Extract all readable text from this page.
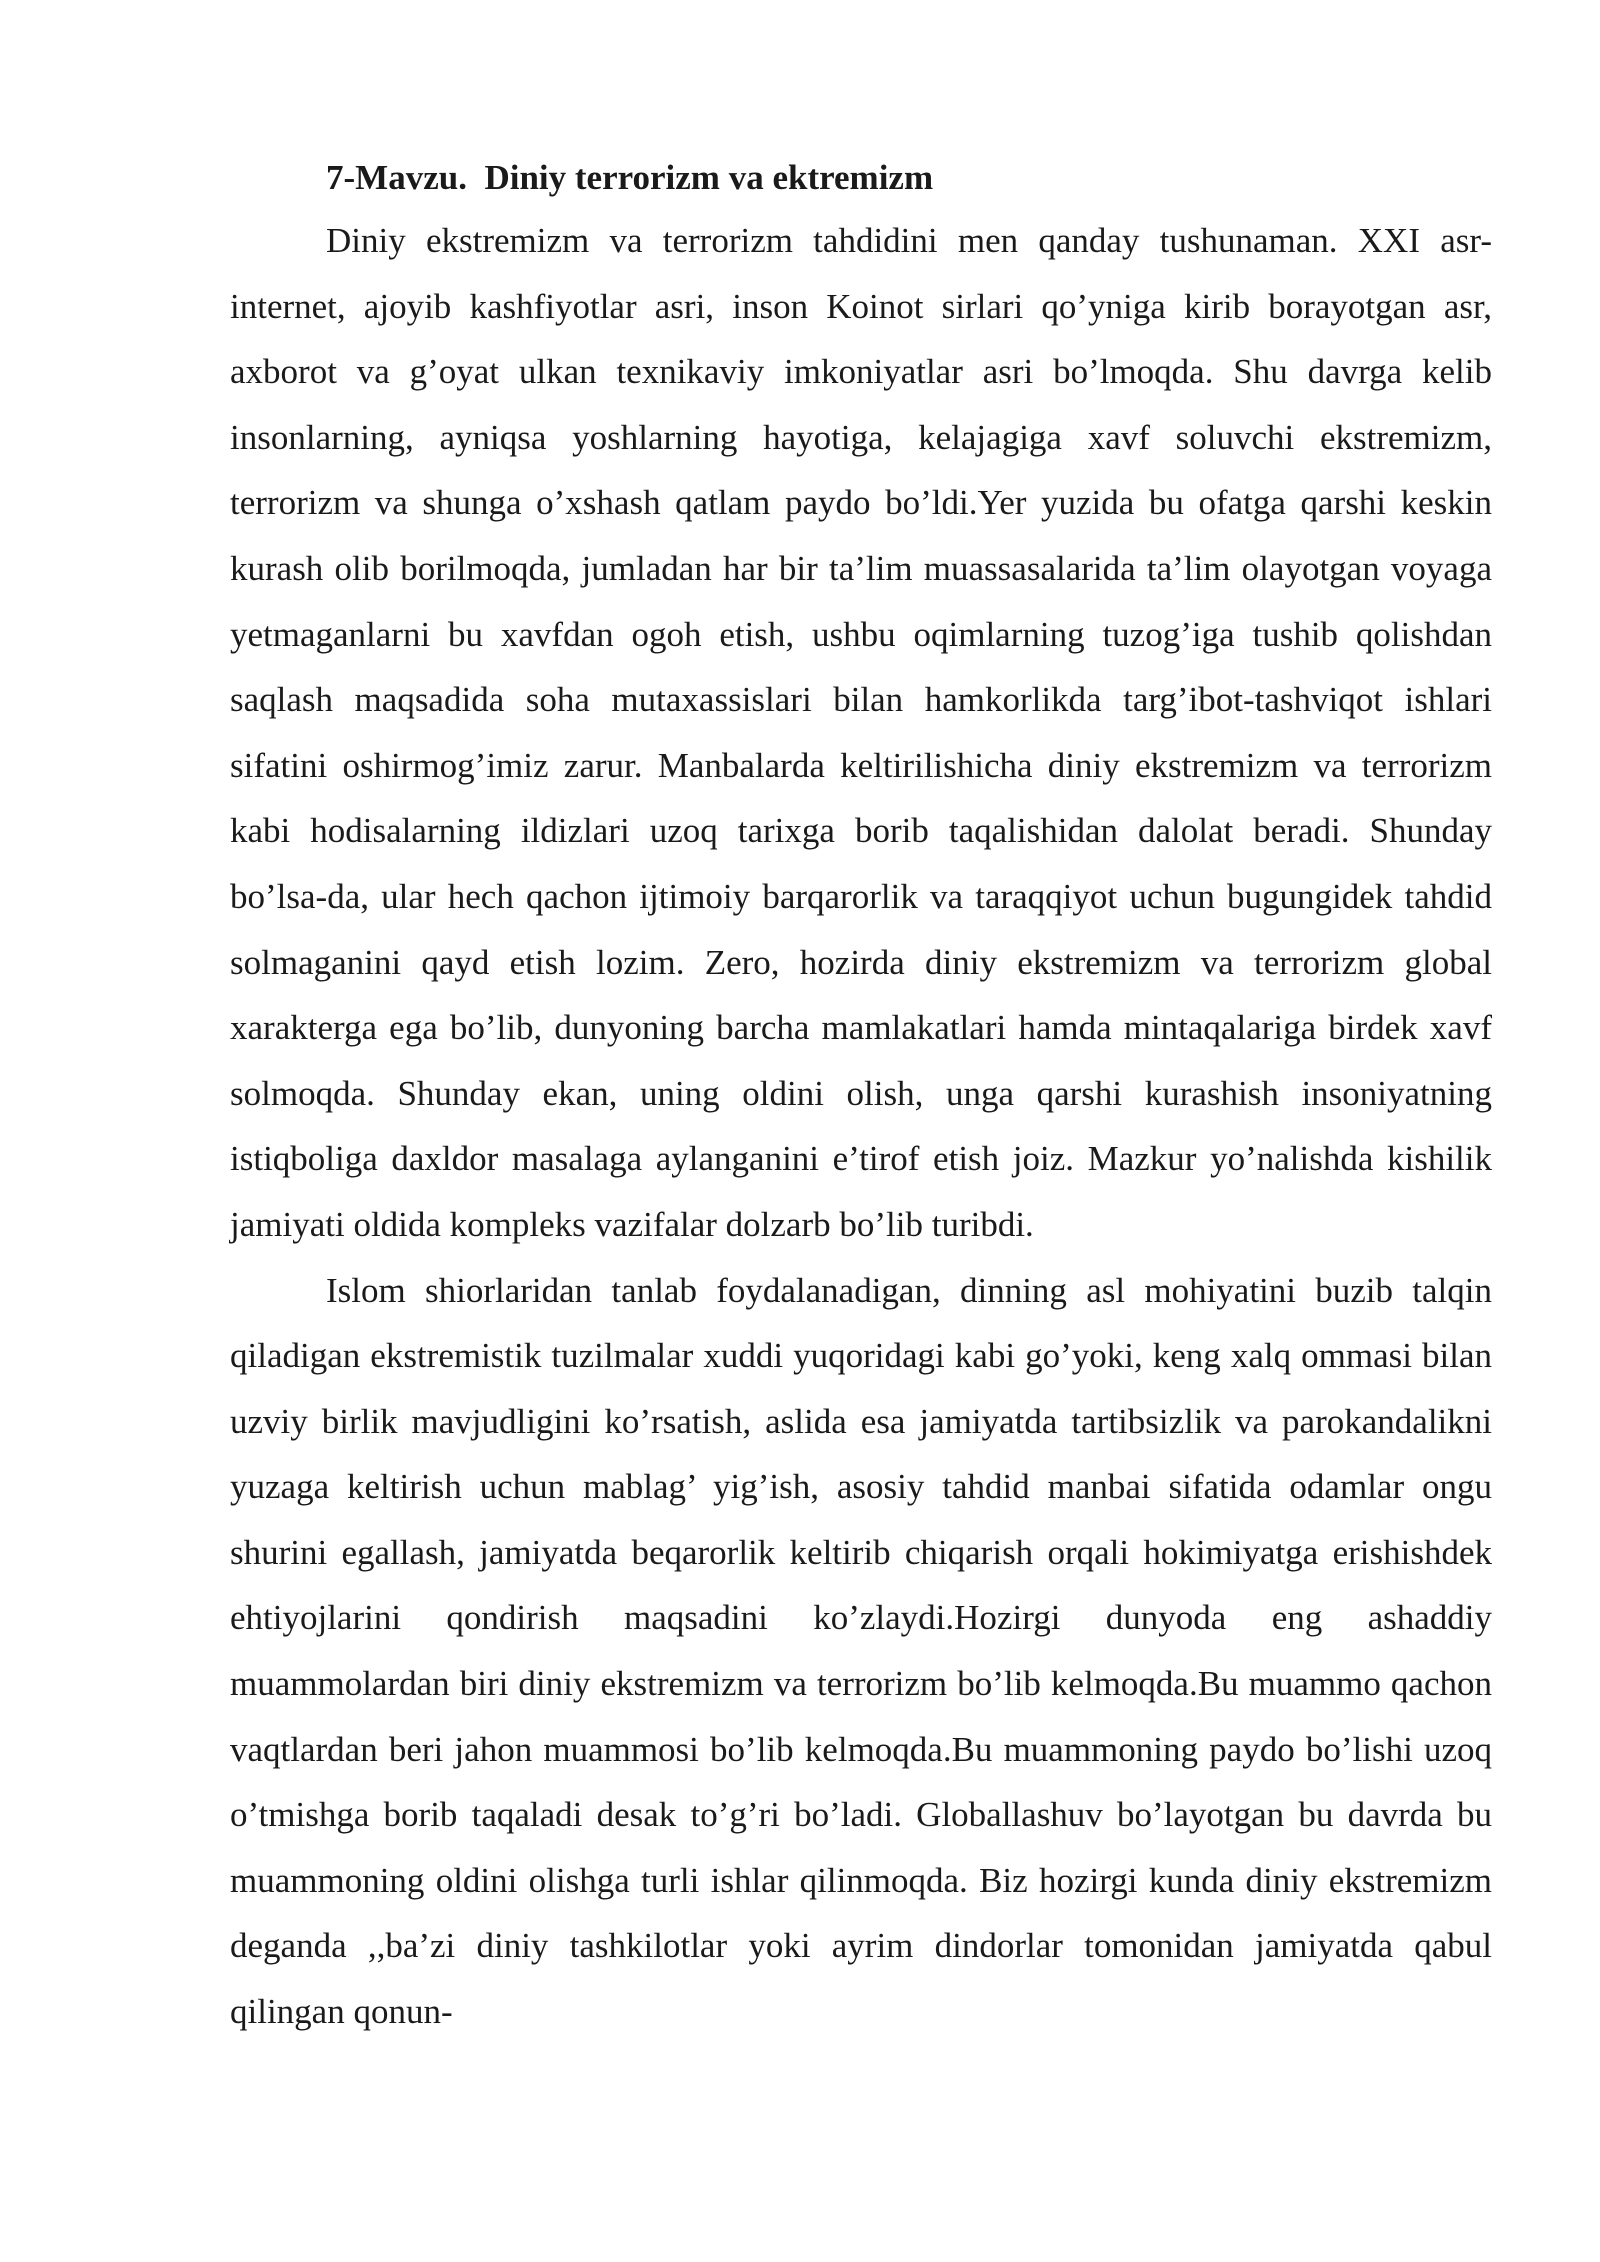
7-Mavzu.  Diniy terrorizm va ektremizm

Diniy ekstremizm va terrorizm tahdidini men qanday tushunaman. XXI asr-internet, ajoyib kashfiyotlar asri, inson Koinot sirlari qo’yniga kirib borayotgan asr, axborot va g’oyat ulkan texnikaviy imkoniyatlar asri bo’lmoqda. Shu davrga kelib insonlarning, ayniqsa yoshlarning hayotiga, kelajagiga xavf soluvchi ekstremizm, terrorizm va shunga o’xshash qatlam paydo bo’ldi.Yer yuzida bu ofatga qarshi keskin kurash olib borilmoqda, jumladan har bir ta’lim muassasalarida ta’lim olayotgan voyaga yetmaganlarni bu xavfdan ogoh etish, ushbu oqimlarning tuzog’iga tushib qolishdan saqlash maqsadida soha mutaxassislari bilan hamkorlikda targ’ibot-tashviqot ishlari sifatini oshirmog’imiz zarur. Manbalarda keltirilishicha diniy ekstremizm va terrorizm kabi hodisalarning ildizlari uzoq tarixga borib taqalishidan dalolat beradi. Shunday bo’lsa-da, ular hech qachon ijtimoiy barqarorlik va taraqqiyot uchun bugungidek tahdid solmaganini qayd etish lozim. Zero, hozirda diniy ekstremizm va terrorizm global xarakterga ega bo’lib, dunyoning barcha mamlakatlari hamda mintaqalariga birdek xavf solmoqda. Shunday ekan, uning oldini olish, unga qarshi kurashish insoniyatning istiqboliga daxldor masalaga aylanganini e’tirof etish joiz. Mazkur yo’nalishda kishilik jamiyati oldida kompleks vazifalar dolzarb bo’lib turibdi.

Islom shiorlaridan tanlab foydalanadigan, dinning asl mohiyatini buzib talqin qiladigan ekstremistik tuzilmalar xuddi yuqoridagi kabi go’yoki, keng xalq ommasi bilan uzviy birlik mavjudligini ko’rsatish, aslida esa jamiyatda tartibsizlik va parokandalikni yuzaga keltirish uchun mablag’ yig’ish, asosiy tahdid manbai sifatida odamlar ongu shurini egallash, jamiyatda beqarorlik keltirib chiqarish orqali hokimiyatga erishishdek ehtiyojlarini qondirish maqsadini ko’zlaydi.Hozirgi dunyoda eng ashaddiy muammolardan biri diniy ekstremizm va terrorizm bo’lib kelmoqda.Bu muammo qachon vaqtlardan beri jahon muammosi bo’lib kelmoqda.Bu muammoning paydo bo’lishi uzoq o’tmishga borib taqaladi desak to’g’ri bo’ladi. Globallashuv bo’layotgan bu davrda bu muammoning oldini olishga turli ishlar qilinmoqda. Biz hozirgi kunda diniy ekstremizm deganda ,,ba’zi diniy tashkilotlar yoki ayrim dindorlar tomonidan jamiyatda qabul qilingan qonun-
